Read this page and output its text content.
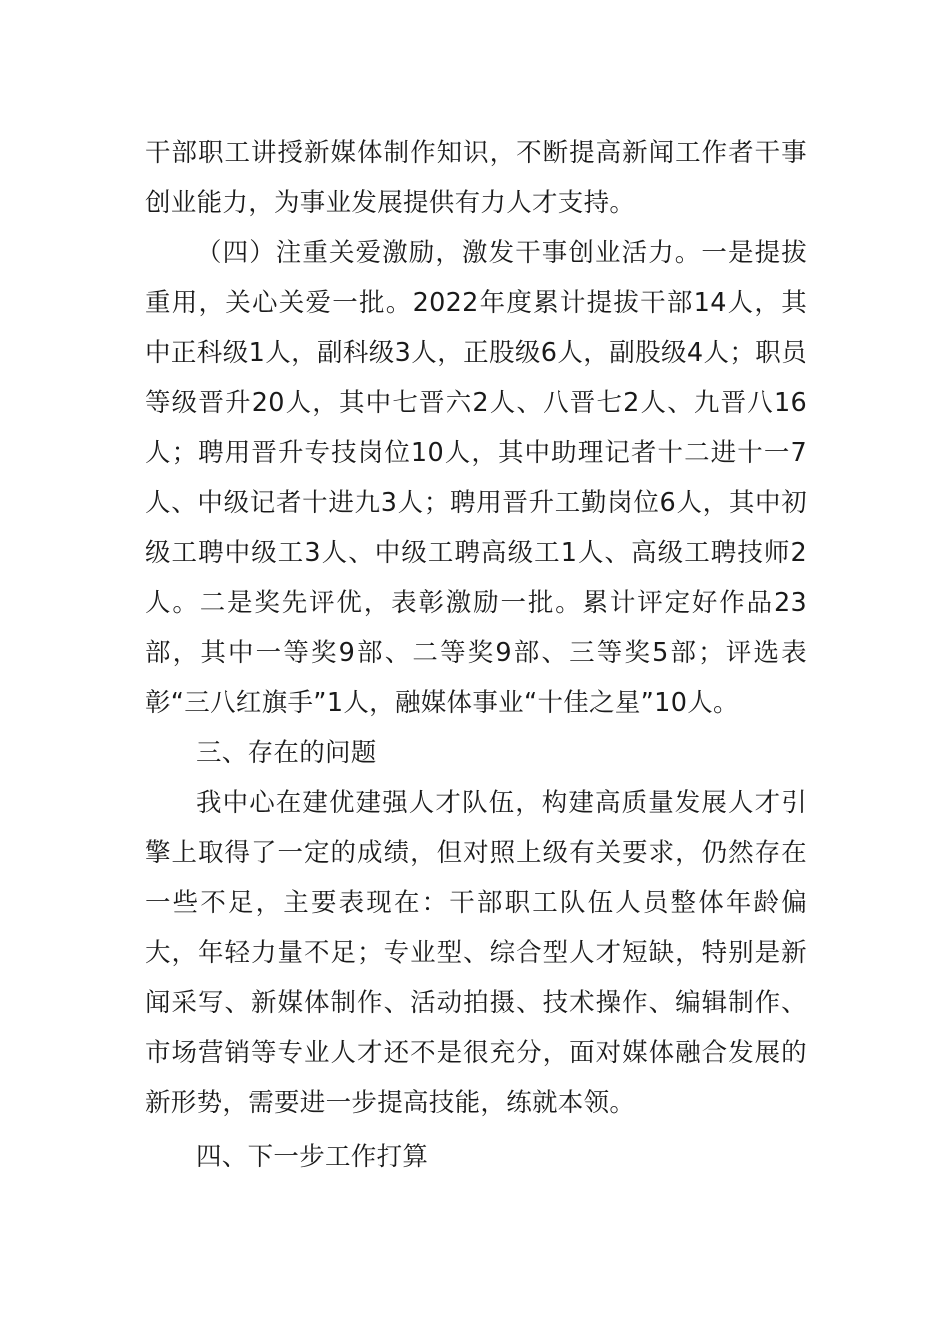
干部职工讲授新媒体制作知识，不断提高新闻工作者干事创业能力，为事业发展提供有力人才支持。

（四）注重关爱激励，激发干事创业活力。一是提拔重用，关心关爱一批。2022年度累计提拔干部14人，其中正科级1人，副科级3人，正股级6人，副股级4人；职员等级晋升20人，其中七晋六2人、八晋七2人、九晋八16人；聘用晋升专技岗位10人，其中助理记者十二进十一7人、中级记者十进九3人；聘用晋升工勤岗位6人，其中初级工聘中级工3人、中级工聘高级工1人、高级工聘技师2人。二是奖先评优，表彰激励一批。累计评定好作品23部，其中一等奖9部、二等奖9部、三等奖5部；评选表彰“三八红旗手”1人，融媒体事业“十佳之星”10人。

三、存在的问题

我中心在建优建强人才队伍，构建高质量发展人才引擎上取得了一定的成绩，但对照上级有关要求，仍然存在一些不足，主要表现在：干部职工队伍人员整体年龄偏大，年轻力量不足；专业型、综合型人才短缺，特别是新闻采写、新媒体制作、活动拍摄、技术操作、编辑制作、市场营销等专业人才还不是很充分，面对媒体融合发展的新形势，需要进一步提高技能，练就本领。

四、下一步工作打算
